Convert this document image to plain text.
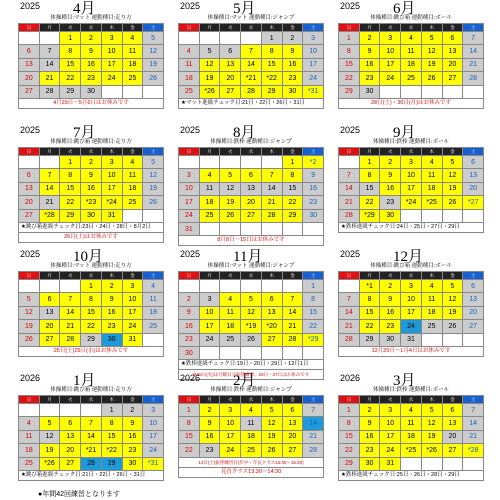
2025 4月
体操種目:マット 運動種目:走り方
日	月	火	水	木	金	土
		1	2	3	4	5
6	7	8	9	10	11	12
13	14	15	16	17	18	19
20	21	22	23	24	25	26
27	28	29	30			
4月29日〜5月6日はお休みです
2025 5月
体操種目:マット 運動種目:ジャンプ
日	月	火	水	木	金	土
				1	2	3
4	5	6	7	8	9	10
11	12	13	14	15	16	17
18	19	20	*21	*22	23	24
25	*26	27	28	29	30	*31
★マット進級チェック日:21日・22日・26日・31日
2025 6月
体操種目:跳び箱 運動種目:ボール
日	月	火	水	木	金	土
1	2	3	4	5	6	7
8	9	10	11	12	13	14
15	16	17	18	19	20	21
22	23	24	25	26	27	28
29	30					
28日(土)・30日(月)はお休みです
2025 7月
体操種目:跳び箱 運動種目:走り方
日	月	火	水	木	金	土
		1	2	3	4	5
6	7	8	9	10	11	12
13	14	15	16	17	18	19
20	21	22	*23	*24	25	26
27	*28	29	30	31		
★跳び箱進級チェック日:23日・24日・28日・8月2日
26日(土)はお休みです
2025 8月
体操種目:鉄棒 運動種目:ジャンプ
日	月	火	水	木	金	土
					1	*2
3	4	5	6	7	8	9
10	11	12	13	14	15	16
17	18	19	20	21	22	23
24	25	26	27	28	29	30
31						
8月8日〜15日はお休みです
2025 9月
体操種目:鉄棒 運動種目:ボール
日	月	火	水	木	金	土
	1	2	3	4	5	6
7	8	9	10	11	12	13
14	15	16	17	18	19	20
21	22	23	*24	*25	26	*27
28	*29	30				
★鉄棒進級チェック日:24日・25日・27日・29日
2025 10月
体操種目:マット 運動種目:走り方
日	月	火	水	木	金	土
			1	2	3	4
5	6	7	8	9	10	11
12	13	14	15	16	17	18
19	20	21	22	23	24	25
26	27	28	29	30	31	
25日(土)29日(水)はお休みです
2025 11月
体操種目:マット 運動種目:ジャンプ
日	月	火	水	木	金	土
						1
2	3	4	5	6	7	8
9	10	11	12	13	14	15
16	17	18	*19	*20	21	22
23	24	25	26	27	28	*29
30						
★鉄棒進級チェック日:19日・20日・29日・12月1日
※25日(火)は月曜日分振替練習、26日・27日はお休みです
2025 12月
体操種目:跳び箱 運動種目:ボール
日	月	火	水	木	金	土
	*1	2	3	4	5	6
7	8	9	10	11	12	13
14	15	16	17	18	19	20
21	22	23	24	25	26	27
28	29	30	31			
12月25日〜1月4日はお休みです
2026 1月
体操種目:跳び箱 運動種目:走り方
日	月	火	水	木	金	土
				1	2	3
4	5	6	7	8	9	10
11	12	13	14	15	16	17
18	19	20	*21	*22	23	24
25	*26	27	28	29	30	*31
★跳び箱進級チェック日:21日・22日・26日・31日
2026 2月
体操種目:鉄棒 運動種目:ジャンプ
日	月	火	水	木	金	土
1	2	3	4	5	6	7
8	9	10	11	12	13	14
15	16	17	18	19	20	21
22	23	24	25	26	27	28
14日(土)振替練習日(年中・年長クラス13:30〜15:20)
見直クラス13:30〜14:30
2026 3月
体操種目:鉄棒 運動種目:ボール
日	月	火	水	木	金	土
1	2	3	4	5	6	7
8	9	10	11	12	13	14
15	16	17	18	19	20	21
22	23	24	*25	*26	27	*28
29	30	31				
★鉄棒進級チェック日:25日・26日・28日・29日
●年間42回練習となります
